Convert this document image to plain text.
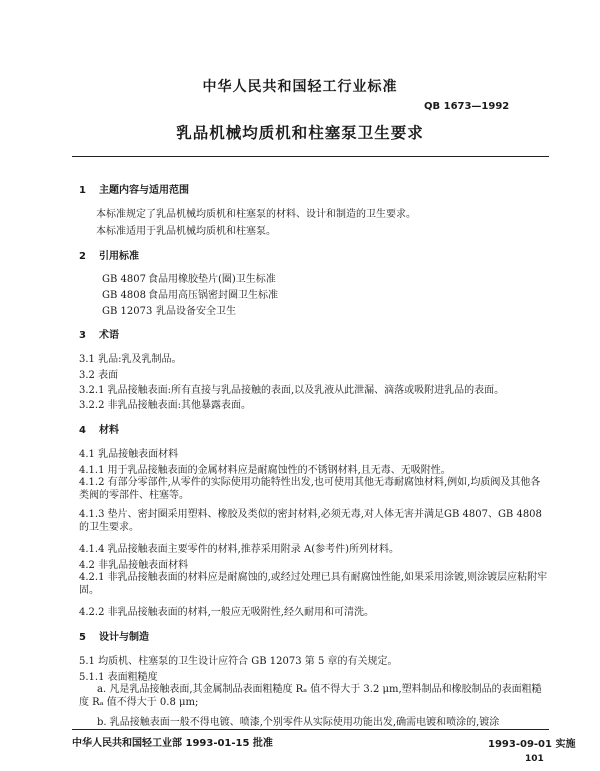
中华人民共和国轻工行业标准
QB 1673—1992
乳品机械均质机和柱塞泵卫生要求
1 主题内容与适用范围
本标准规定了乳品机械均质机和柱塞泵的材料、设计和制造的卫生要求。
本标准适用于乳品机械均质机和柱塞泵。
2 引用标准
GB 4807 食品用橡胶垫片(圈)卫生标准
GB 4808 食品用高压锅密封圈卫生标准
GB 12073 乳品设备安全卫生
3 术语
3.1 乳品:乳及乳制品。
3.2 表面
3.2.1 乳品接触表面:所有直接与乳品接触的表面,以及乳液从此泄漏、滴落或吸附进乳品的表面。
3.2.2 非乳品接触表面:其他暴露表面。
4 材料
4.1 乳品接触表面材料
4.1.1 用于乳品接触表面的金属材料应是耐腐蚀性的不锈钢材料,且无毒、无吸附性。
4.1.2 有部分零部件,从零件的实际使用功能特性出发,也可使用其他无毒耐腐蚀材料,例如,均质阀及其他各类阀的零部件、柱塞等。
4.1.3 垫片、密封圈采用塑料、橡胶及类似的密封材料,必须无毒,对人体无害并满足GB 4807、GB 4808的卫生要求。
4.1.4 乳品接触表面主要零件的材料,推荐采用附录 A(参考件)所列材料。
4.2 非乳品接触表面材料
4.2.1 非乳品接触表面的材料应是耐腐蚀的,或经过处理已具有耐腐蚀性能,如果采用涂镀,则涂镀层应粘附牢固。
4.2.2 非乳品接触表面的材料,一般应无吸附性,经久耐用和可清洗。
5 设计与制造
5.1 均质机、柱塞泵的卫生设计应符合 GB 12073 第 5 章的有关规定。
5.1.1 表面粗糙度
a. 凡是乳品接触表面,其金属制品表面粗糙度 Rₐ 值不得大于 3.2 μm,塑料制品和橡胶制品的表面粗糙度 Rₐ 值不得大于 0.8 μm;
b. 乳品接触表面一般不得电镀、喷漆,个别零件从实际使用功能出发,确需电镀和喷涂的,镀涂
中华人民共和国轻工业部 1993-01-15 批准	1993-09-01 实施
101
